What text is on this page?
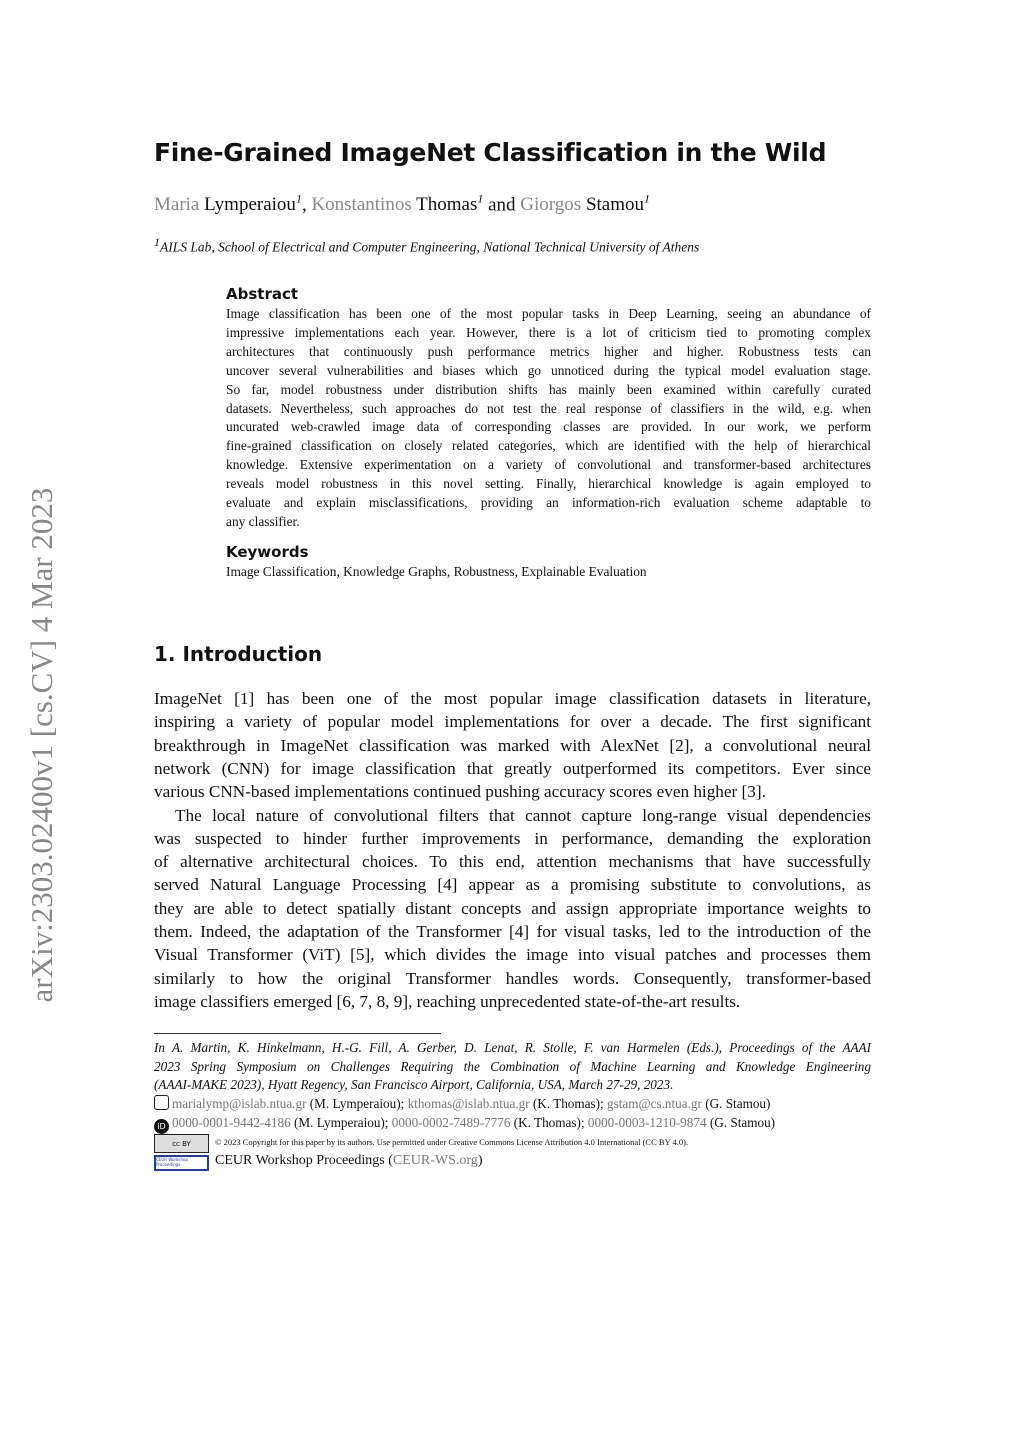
arXiv:2303.02400v1 [cs.CV] 4 Mar 2023
Fine-Grained ImageNet Classification in the Wild
Maria Lymperaiou$^1$, Konstantinos Thomas$^1$ and Giorgos Stamou$^1$
$^1$AILS Lab, School of Electrical and Computer Engineering, National Technical University of Athens
Abstract
Image classification has been one of the most popular tasks in Deep Learning, seeing an abundance of
impressive implementations each year. However, there is a lot of criticism tied to promoting complex
architectures that continuously push performance metrics higher and higher. Robustness tests can
uncover several vulnerabilities and biases which go unnoticed during the typical model evaluation stage.
So far, model robustness under distribution shifts has mainly been examined within carefully curated
datasets. Nevertheless, such approaches do not test the real response of classifiers in the wild, e.g. when
uncurated web-crawled image data of corresponding classes are provided. In our work, we perform
fine-grained classification on closely related categories, which are identified with the help of hierarchical
knowledge. Extensive experimentation on a variety of convolutional and transformer-based architectures
reveals model robustness in this novel setting. Finally, hierarchical knowledge is again employed to
evaluate and explain misclassifications, providing an information-rich evaluation scheme adaptable to
any classifier.
Keywords
Image Classification, Knowledge Graphs, Robustness, Explainable Evaluation
1. Introduction
ImageNet [1] has been one of the most popular image classification datasets in literature,
inspiring a variety of popular model implementations for over a decade. The first significant
breakthrough in ImageNet classification was marked with AlexNet [2], a convolutional neural
network (CNN) for image classification that greatly outperformed its competitors. Ever since
various CNN-based implementations continued pushing accuracy scores even higher [3].
The local nature of convolutional filters that cannot capture long-range visual dependencies
was suspected to hinder further improvements in performance, demanding the exploration
of alternative architectural choices. To this end, attention mechanisms that have successfully
served Natural Language Processing [4] appear as a promising substitute to convolutions, as
they are able to detect spatially distant concepts and assign appropriate importance weights to
them. Indeed, the adaptation of the Transformer [4] for visual tasks, led to the introduction of the
Visual Transformer (ViT) [5], which divides the image into visual patches and processes them
similarly to how the original Transformer handles words. Consequently, transformer-based
image classifiers emerged [6, 7, 8, 9], reaching unprecedented state-of-the-art results.
In A. Martin, K. Hinkelmann, H.-G. Fill, A. Gerber, D. Lenat, R. Stolle, F. van Harmelen (Eds.), Proceedings of the AAAI
2023 Spring Symposium on Challenges Requiring the Combination of Machine Learning and Knowledge Engineering
(AAAI-MAKE 2023), Hyatt Regency, San Francisco Airport, California, USA, March 27-29, 2023.
marialymp@islab.ntua.gr (M. Lymperaiou); kthomas@islab.ntua.gr (K. Thomas); gstam@cs.ntua.gr (G. Stamou)
iD 0000-0001-9442-4186 (M. Lymperaiou); 0000-0002-7489-7776 (K. Thomas); 0000-0003-1210-9874 (G. Stamou)
cc BY	© 2023 Copyright for this paper by its authors. Use permitted under Creative Commons License Attribution 4.0 International (CC BY 4.0).
CEUR Workshop Proceedings	CEUR Workshop Proceedings (CEUR-WS.org)
